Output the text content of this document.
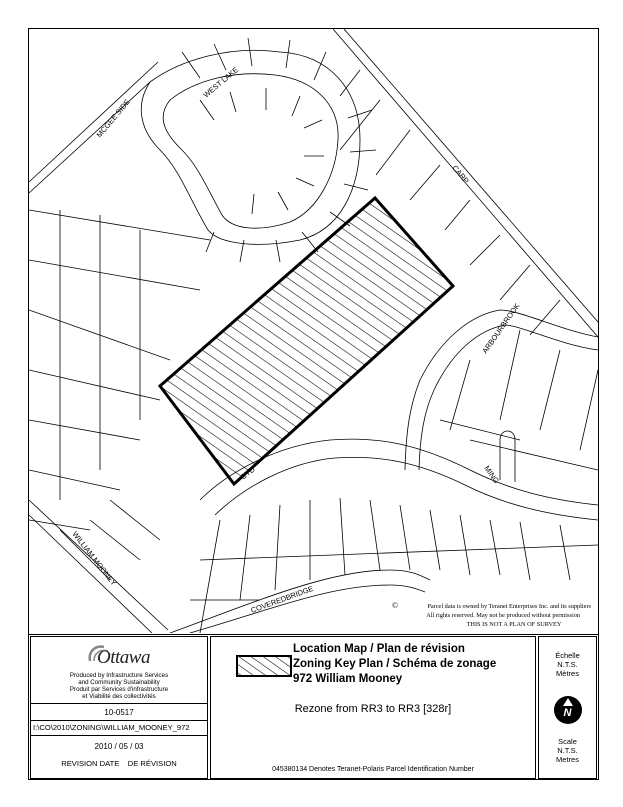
WEST LAKE
MCGEE SIDE
CARP
ARBOURBROOK
CYD	MING
WILLIAM MOONEY
COVEREDBRIDGE	©	Parcel data is owned by Teranet Enterprises Inc. and its suppliers
All rights reserved. May not be produced without permission
THIS IS NOT A PLAN OF SURVEY
Ottawa
Produced by Infrastructure Services
and Community Sustainability
Produit par Services d'infrastructure
et Viabilité des collectivités
10-0517
I:\CO\2010\ZONING\WILLIAM_MOONEY_972
2010 / 05 / 03
REVISION DATE    DE RÉVISION
Location Map / Plan de révision
Zoning Key Plan / Schéma de zonage
972 William Mooney
Rezone from RR3 to RR3 [328r]
045380134 Denotes Teranet-Polaris Parcel Identification Number
Échelle
N.T.S.
Mètres
N
Scale
N.T.S.
Metres
